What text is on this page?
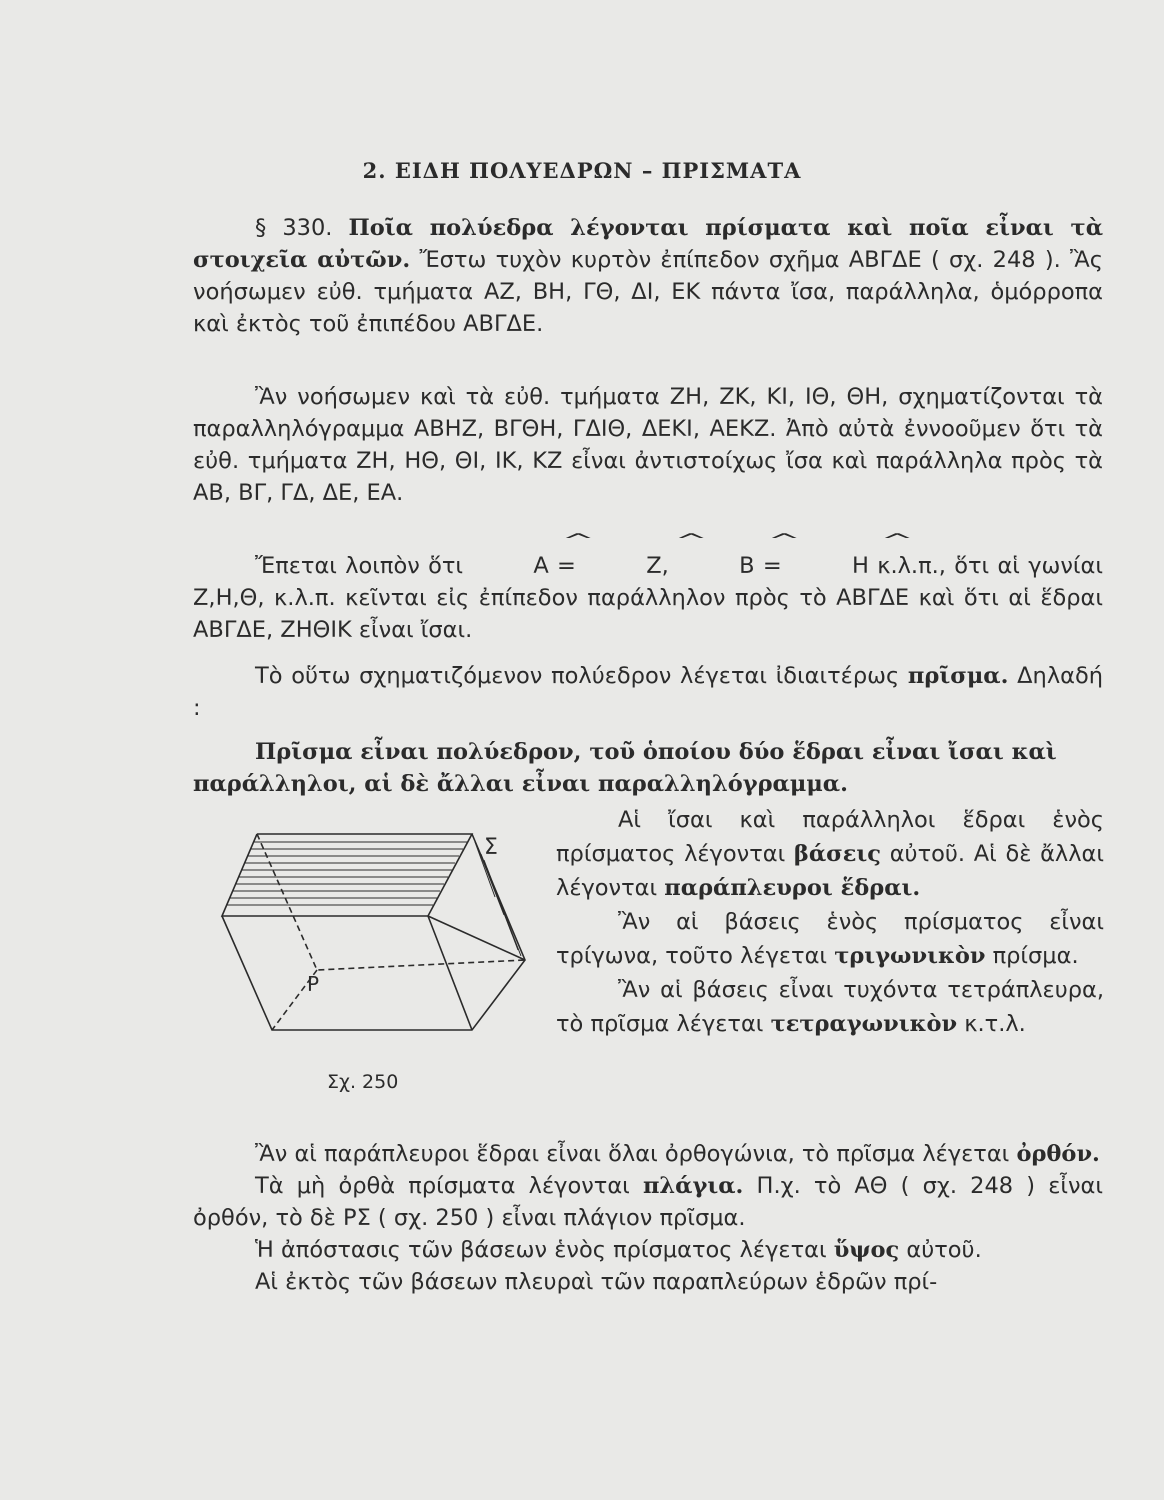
2. ΕΙΔΗ ΠΟΛΥΕΔΡΩΝ – ΠΡΙΣΜΑΤΑ

§ 330. Ποῖα πολύεδρα λέγονται πρίσματα καὶ ποῖα εἶναι τὰ στοιχεῖα αὐτῶν. Ἔστω τυχὸν κυρτὸν ἐπίπεδον σχῆμα ΑΒΓΔΕ ( σχ. 248 ). Ἂς νοήσωμεν εὐθ. τμήματα ΑΖ, ΒΗ, ΓΘ, ΔΙ, ΕΚ πάντα ἴσα, παράλληλα, ὁμόρροπα καὶ ἐκτὸς τοῦ ἐπιπέδου ΑΒΓΔΕ.

Ἂν νοήσωμεν καὶ τὰ εὐθ. τμήματα ΖΗ, ΖΚ, ΚΙ, ΙΘ, ΘΗ, σχηματίζονται τὰ παραλληλόγραμμα ΑΒΗΖ, ΒΓΘΗ, ΓΔΙΘ, ΔΕΚΙ, ΑΕΚΖ. Ἀπὸ αὐτὰ ἐννοοῦμεν ὅτι τὰ εὐθ. τμήματα ΖΗ, ΗΘ, ΘΙ, ΙΚ, ΚΖ εἶναι ἀντιστοίχως ἴσα καὶ παράλληλα πρὸς τὰ ΑΒ, ΒΓ, ΓΔ, ΔΕ, ΕΑ.

Ἔπεται λοιπὸν ὅτι	Α ^ =	Ζ ^,	Β ^ =	Η ^ κ.λ.π., ὅτι αἱ γωνίαι Ζ,Η,Θ, κ.λ.π. κεῖνται εἰς ἐπίπεδον παράλληλον πρὸς τὸ ΑΒΓΔΕ καὶ ὅτι αἱ ἕδραι ΑΒΓΔΕ, ΖΗΘΙΚ εἶναι ἴσαι.

Τὸ οὕτω σχηματιζόμενον πολύεδρον λέγεται ἰδιαιτέρως πρῖσμα. Δηλαδή :

Πρῖσμα εἶναι πολύεδρον, τοῦ ὁποίου δύο ἕδραι εἶναι ἴσαι καὶ παράλληλοι, αἱ δὲ ἄλλαι εἶναι παραλληλόγραμμα.

Σ
Ρ
Σχ. 250

Αἱ ἴσαι καὶ παράλληλοι ἕδραι ἑνὸς πρίσματος λέγονται βάσεις αὐτοῦ. Αἱ δὲ ἄλλαι λέγονται παράπλευροι ἕδραι.

Ἂν αἱ βάσεις ἑνὸς πρίσματος εἶναι τρίγωνα, τοῦτο λέγεται τριγωνικὸν πρίσμα.

Ἂν αἱ βάσεις εἶναι τυχόντα τετράπλευρα, τὸ πρῖσμα λέγεται τετραγωνικὸν κ.τ.λ.

Ἂν αἱ παράπλευροι ἕδραι εἶναι ὅλαι ὀρθογώνια, τὸ πρῖσμα λέγεται ὀρθόν.

Τὰ μὴ ὀρθὰ πρίσματα λέγονται πλάγια. Π.χ. τὸ ΑΘ ( σχ. 248 ) εἶναι ὀρθόν, τὸ δὲ ΡΣ ( σχ. 250 ) εἶναι πλάγιον πρῖσμα.

Ἡ ἀπόστασις τῶν βάσεων ἑνὸς πρίσματος λέγεται ὕψος αὐτοῦ.

Αἱ ἐκτὸς τῶν βάσεων πλευραὶ τῶν παραπλεύρων ἑδρῶν πρί-
